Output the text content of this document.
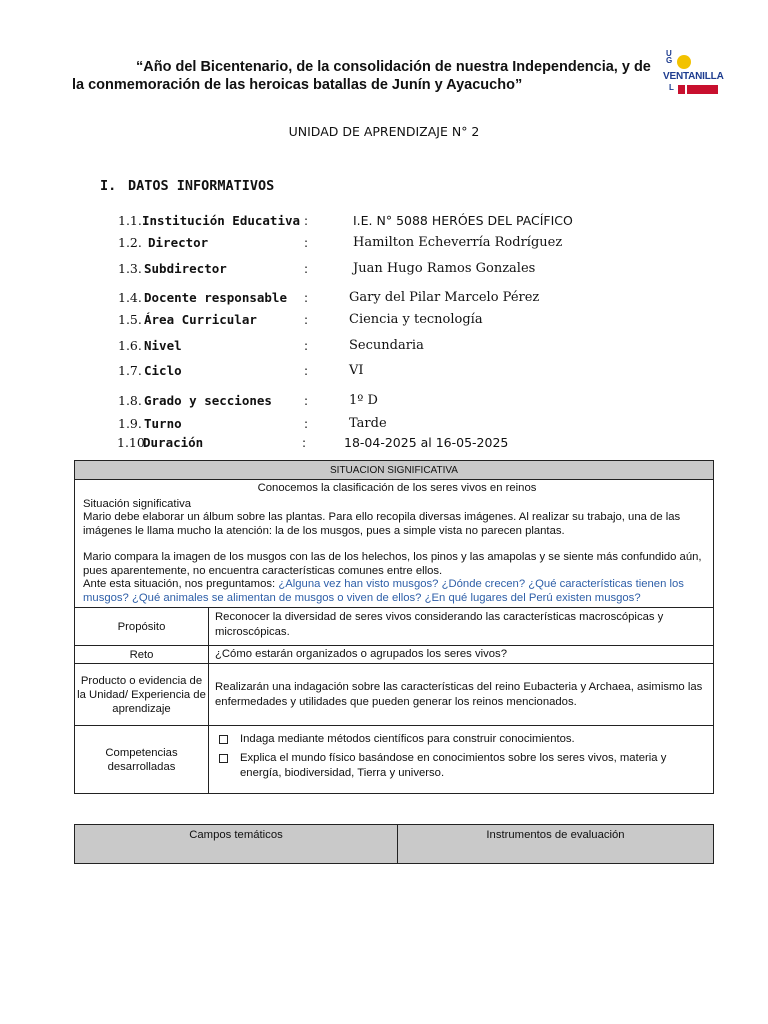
“Año del Bicentenario, de la consolidación de nuestra Independencia, y de
la conmemoración de las heroicas batallas de Junín y Ayacucho”
U
G
VENTANILLA
L
UNIDAD DE APRENDIZAJE N° 2
I. DATOS INFORMATIVOS
1.1. Institución Educativa :	I.E. N° 5088 HERÓES DEL PACÍFICO
1.2. Director	:	Hamilton Echeverría Rodríguez
1.3. Subdirector	:	Juan Hugo Ramos Gonzales
1.4. Docente responsable :	Gary del Pilar Marcelo Pérez
1.5. Área Curricular	:	Ciencia y tecnología
1.6. Nivel	:	Secundaria
1.7. Ciclo	:	VI
1.8. Grado y secciones	:	1º D
1.9. Turno	:	Tarde
1.10
Duración	:	18-04-2025 al 16-05-2025
SITUACION SIGNIFICATIVA	

Conocemos la clasificación de los seres vivos en reinos
Situación significativa
Mario debe elaborar un álbum sobre las plantas. Para ello recopila diversas imágenes. Al realizar su trabajo, una de las imágenes le llama mucho la atención: la de los musgos, pues a simple vista no parecen plantas.
Mario compara la imagen de los musgos con las de los helechos, los pinos y las amapolas y se siente más confundido aún, pues aparentemente, no encuentra características comunes entre ellos.
Ante esta situación, nos preguntamos: ¿Alguna vez han visto musgos? ¿Dónde crecen? ¿Qué características tienen los musgos? ¿Qué animales se alimentan de musgos o viven de ellos? ¿En qué lugares del Perú existen musgos?	

Propósito	Reconocer la diversidad de seres vivos considerando las características macroscópicas y microscópicas.
Reto	¿Cómo estarán organizados o agrupados los seres vivos?
Producto o evidencia de la Unidad/ Experiencia de aprendizaje	Realizarán una indagación sobre las características del reino Eubacteria y Archaea, asimismo las enfermedades y utilidades que pueden generar los reinos mencionados.
Competencias desarrolladas	Indaga mediante métodos científicos para construir conocimientos.
Explica el mundo físico basándose en conocimientos sobre los seres vivos, materia y energía, biodiversidad, Tierra y universo.
Campos temáticos	Instrumentos de evaluación
